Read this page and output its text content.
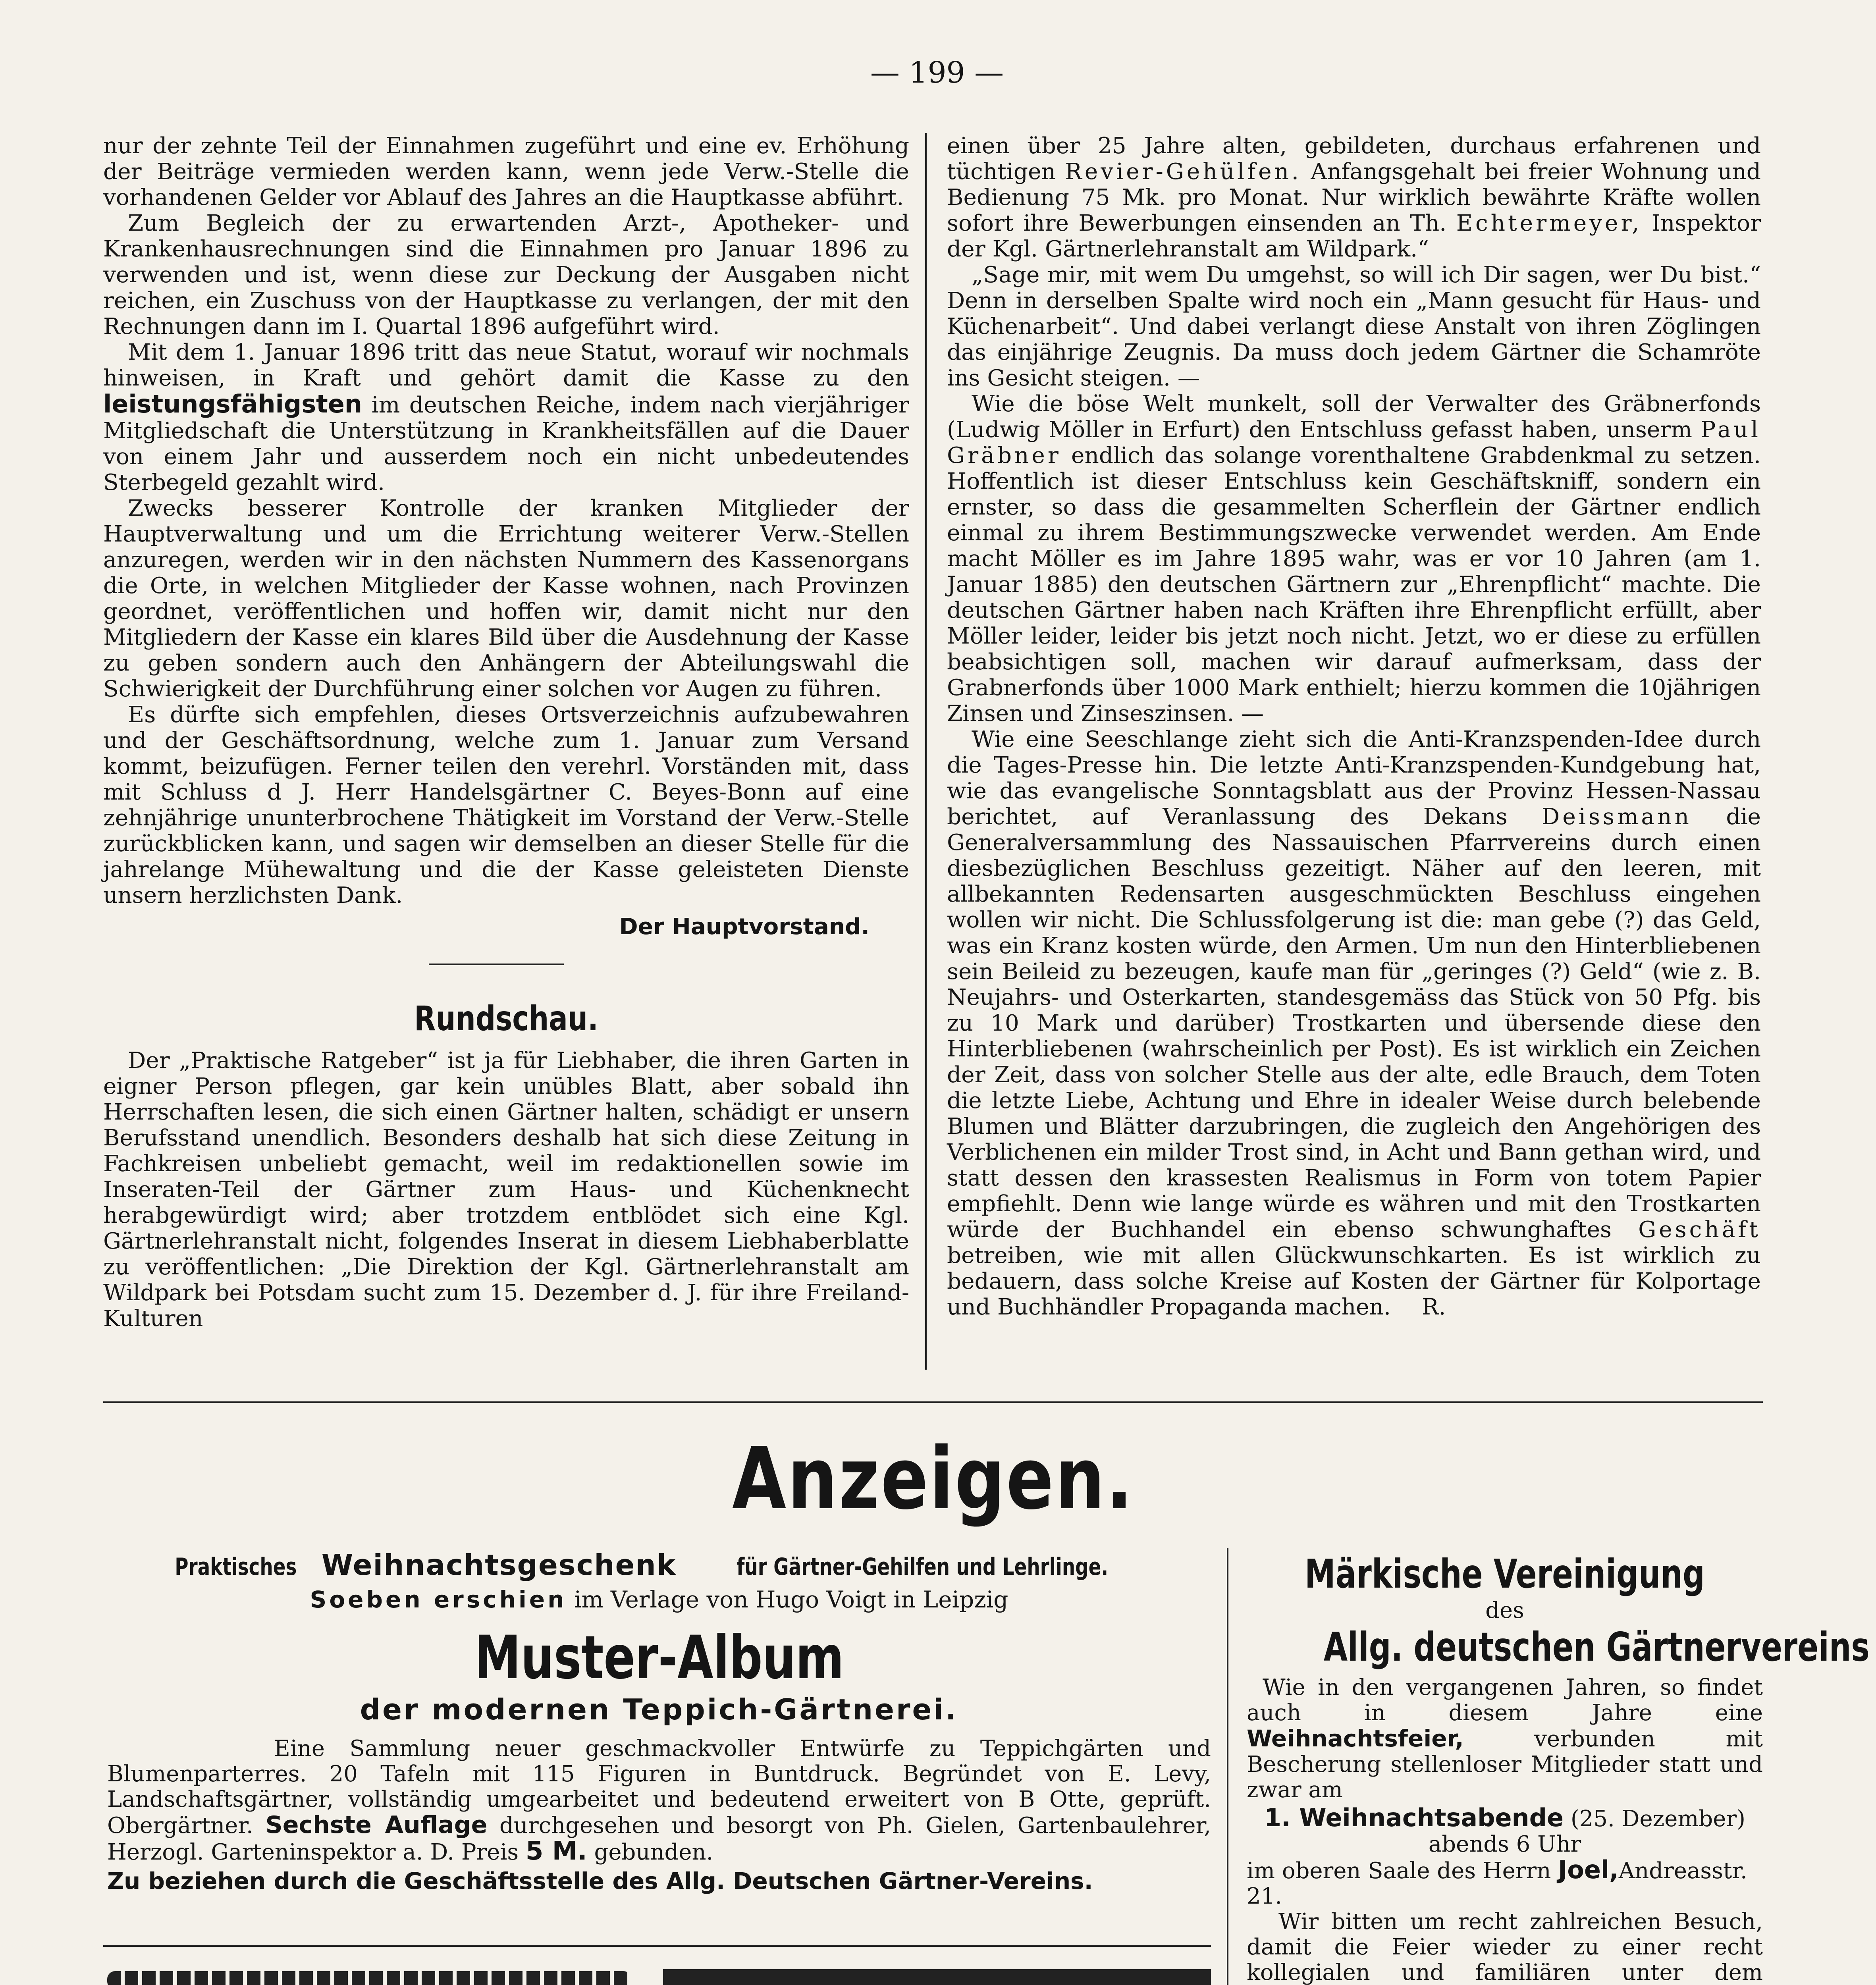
— 199 —

nur der zehnte Teil der Einnahmen zugeführt und eine ev. Erhöhung der Beiträge vermieden werden kann, wenn jede Verw.-Stelle die vorhandenen Gelder vor Ablauf des Jahres an die Hauptkasse abführt.

Zum Begleich der zu erwartenden Arzt-, Apotheker- und Krankenhausrechnungen sind die Einnahmen pro Januar 1896 zu verwenden und ist, wenn diese zur Deckung der Ausgaben nicht reichen, ein Zuschuss von der Hauptkasse zu verlangen, der mit den Rechnungen dann im I. Quartal 1896 aufgeführt wird.

Mit dem 1. Januar 1896 tritt das neue Statut, worauf wir nochmals hinweisen, in Kraft und gehört damit die Kasse zu den leistungsfähigsten im deutschen Reiche, indem nach vierjähriger Mitgliedschaft die Unterstützung in Krankheitsfällen auf die Dauer von einem Jahr und ausserdem noch ein nicht unbedeutendes Sterbegeld gezahlt wird.

Zwecks besserer Kontrolle der kranken Mitglieder der Hauptverwaltung und um die Errichtung weiterer Verw.-Stellen anzuregen, werden wir in den nächsten Nummern des Kassenorgans die Orte, in welchen Mitglieder der Kasse wohnen, nach Provinzen geordnet, veröffentlichen und hoffen wir, damit nicht nur den Mitgliedern der Kasse ein klares Bild über die Ausdehnung der Kasse zu geben sondern auch den Anhängern der Abteilungswahl die Schwierigkeit der Durchführung einer solchen vor Augen zu führen.

Es dürfte sich empfehlen, dieses Ortsverzeichnis aufzubewahren und der Geschäftsordnung, welche zum 1. Januar zum Versand kommt, beizufügen. Ferner teilen den verehrl. Vorständen mit, dass mit Schluss d J. Herr Handelsgärtner C. Beyes-Bonn auf eine zehnjährige ununterbrochene Thätigkeit im Vorstand der Verw.-Stelle zurückblicken kann, und sagen wir demselben an dieser Stelle für die jahrelange Mühewaltung und die der Kasse geleisteten Dienste unsern herzlichsten Dank.

Der Hauptvorstand.

Rundschau.

Der „Praktische Ratgeber“ ist ja für Liebhaber, die ihren Garten in eigner Person pflegen, gar kein unübles Blatt, aber sobald ihn Herrschaften lesen, die sich einen Gärtner halten, schädigt er unsern Berufsstand unendlich. Besonders deshalb hat sich diese Zeitung in Fachkreisen unbeliebt gemacht, weil im redaktionellen sowie im Inseraten-Teil der Gärtner zum Haus- und Küchenknecht herabgewürdigt wird; aber trotzdem entblödet sich eine Kgl. Gärtnerlehranstalt nicht, folgendes Inserat in diesem Liebhaberblatte zu veröffentlichen: „Die Direktion der Kgl. Gärtnerlehranstalt am Wildpark bei Potsdam sucht zum 15. Dezember d. J. für ihre Freiland-Kulturen

einen über 25 Jahre alten, gebildeten, durchaus erfahrenen und tüchtigen Revier-Gehülfen. Anfangsgehalt bei freier Wohnung und Bedienung 75 Mk. pro Monat. Nur wirklich bewährte Kräfte wollen sofort ihre Bewerbungen einsenden an Th. Echtermeyer, Inspektor der Kgl. Gärtnerlehranstalt am Wildpark.“

„Sage mir, mit wem Du umgehst, so will ich Dir sagen, wer Du bist.“ Denn in derselben Spalte wird noch ein „Mann gesucht für Haus- und Küchenarbeit“. Und dabei verlangt diese Anstalt von ihren Zöglingen das einjährige Zeugnis. Da muss doch jedem Gärtner die Schamröte ins Gesicht steigen. —

Wie die böse Welt munkelt, soll der Verwalter des Gräbnerfonds (Ludwig Möller in Erfurt) den Entschluss gefasst haben, unserm Paul Gräbner endlich das solange vorenthaltene Grabdenkmal zu setzen. Hoffentlich ist dieser Entschluss kein Geschäftskniff, sondern ein ernster, so dass die gesammelten Scherflein der Gärtner endlich einmal zu ihrem Bestimmungszwecke verwendet werden. Am Ende macht Möller es im Jahre 1895 wahr, was er vor 10 Jahren (am 1. Januar 1885) den deutschen Gärtnern zur „Ehrenpflicht“ machte. Die deutschen Gärtner haben nach Kräften ihre Ehrenpflicht erfüllt, aber Möller leider, leider bis jetzt noch nicht. Jetzt, wo er diese zu erfüllen beabsichtigen soll, machen wir darauf aufmerksam, dass der Grabnerfonds über 1000 Mark enthielt; hierzu kommen die 10jährigen Zinsen und Zinseszinsen. —

Wie eine Seeschlange zieht sich die Anti-Kranzspenden-Idee durch die Tages-Presse hin. Die letzte Anti-Kranzspenden-Kundgebung hat, wie das evangelische Sonntagsblatt aus der Provinz Hessen-Nassau berichtet, auf Veranlassung des Dekans Deissmann die Generalversammlung des Nassauischen Pfarrvereins durch einen diesbezüglichen Beschluss gezeitigt. Näher auf den leeren, mit allbekannten Redensarten ausgeschmückten Beschluss eingehen wollen wir nicht. Die Schlussfolgerung ist die: man gebe (?) das Geld, was ein Kranz kosten würde, den Armen. Um nun den Hinterbliebenen sein Beileid zu bezeugen, kaufe man für „geringes (?) Geld“ (wie z. B. Neujahrs- und Osterkarten, standesgemäss das Stück von 50 Pfg. bis zu 10 Mark und darüber) Trostkarten und übersende diese den Hinterbliebenen (wahrscheinlich per Post). Es ist wirklich ein Zeichen der Zeit, dass von solcher Stelle aus der alte, edle Brauch, dem Toten die letzte Liebe, Achtung und Ehre in idealer Weise durch belebende Blumen und Blätter darzubringen, die zugleich den Angehörigen des Verblichenen ein milder Trost sind, in Acht und Bann gethan wird, und statt dessen den krassesten Realismus in Form von totem Papier empfiehlt. Denn wie lange würde es währen und mit den Trostkarten würde der Buchhandel ein ebenso schwunghaftes Geschäft betreiben, wie mit allen Glückwunschkarten. Es ist wirklich zu bedauern, dass solche Kreise auf Kosten der Gärtner für Kolportage und Buchhändler Propaganda machen. R.

Anzeigen.

Praktisches Weihnachtsgeschenk	für Gärtner-Gehilfen und Lehrlinge.

Soeben erschien im Verlage von Hugo Voigt in Leipzig

Muster-Album

der modernen Teppich-Gärtnerei.

Eine Sammlung neuer geschmackvoller Entwürfe zu Teppichgärten und Blumenparterres. 20 Tafeln mit 115 Figuren in Buntdruck. Begründet von E. Levy, Landschaftsgärtner, vollständig umgearbeitet und bedeutend erweitert von B Otte, geprüft. Obergärtner. Sechste Auflage durchgesehen und besorgt von Ph. Gielen, Gartenbaulehrer, Herzogl. Garteninspektor a. D. Preis 5 M. gebunden.

Zu beziehen durch die Geschäftsstelle des Allg. Deutschen Gärtner-Vereins.

Märkische Vereinigung

des

Allg. deutschen Gärtnervereins

Wie in den vergangenen Jahren, so findet auch in diesem Jahre eine Weihnachtsfeier,	verbunden mit Bescherung stellenloser Mitglieder statt und zwar am

1. Weihnachtsabende (25. Dezember)

abends 6 Uhr

im oberen Saale des Herrn Joel,Andreasstr. 21.

Wir bitten um recht zahlreichen Besuch, damit die Feier wieder zu einer recht kollegialen und familiären unter dem
